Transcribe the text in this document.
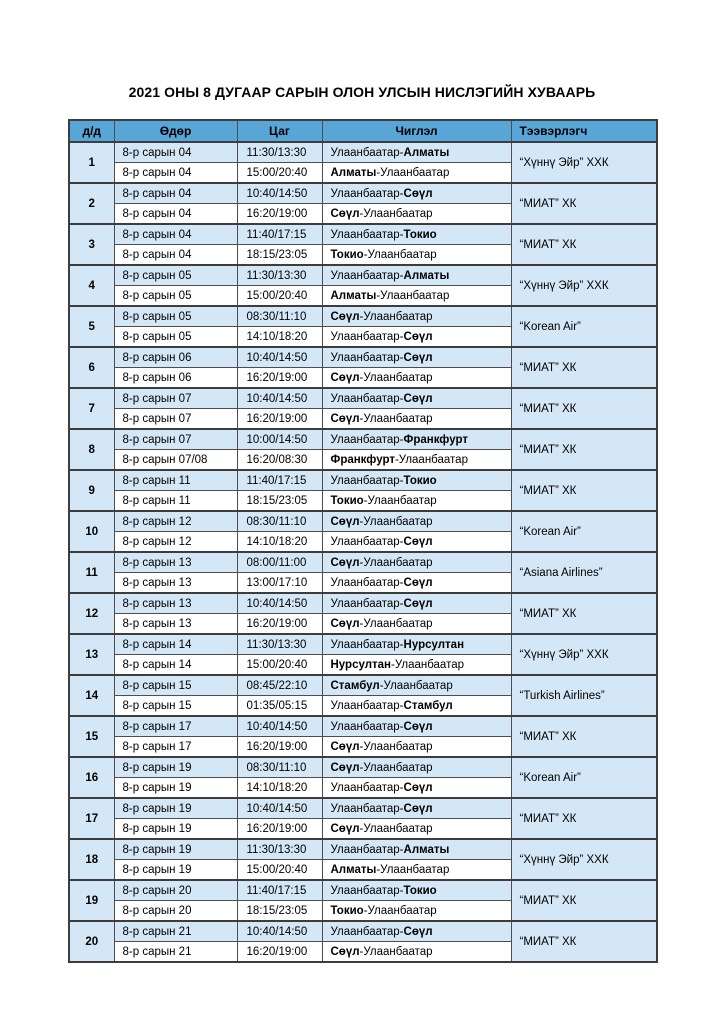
2021 ОНЫ 8 ДУГААР САРЫН ОЛОН УЛСЫН НИСЛЭГИЙН ХУВААРЬ
д/д	Өдөр	Цаг	Чиглэл	Тээвэрлэгч
1	8-р сарын 04	11:30/13:30	Улаанбаатар-Алматы	“Хүннү Эйр” ХХК
	8-р сарын 04	15:00/20:40	Алматы-Улаанбаатар	
2	8-р сарын 04	10:40/14:50	Улаанбаатар-Сөүл	“МИАТ” ХК
	8-р сарын 04	16:20/19:00	Сөүл-Улаанбаатар	
3	8-р сарын 04	11:40/17:15	Улаанбаатар-Токио	“МИАТ” ХК
	8-р сарын 04	18:15/23:05	Токио-Улаанбаатар	
4	8-р сарын 05	11:30/13:30	Улаанбаатар-Алматы	“Хүннү Эйр” ХХК
	8-р сарын 05	15:00/20:40	Алматы-Улаанбаатар	
5	8-р сарын 05	08:30/11:10	Сөүл-Улаанбаатар	“Korean Air”
	8-р сарын 05	14:10/18:20	Улаанбаатар-Сөүл	
6	8-р сарын 06	10:40/14:50	Улаанбаатар-Сөүл	“МИАТ” ХК
	8-р сарын 06	16:20/19:00	Сөүл-Улаанбаатар	
7	8-р сарын 07	10:40/14:50	Улаанбаатар-Сөүл	“МИАТ” ХК
	8-р сарын 07	16:20/19:00	Сөүл-Улаанбаатар	
8	8-р сарын 07	10:00/14:50	Улаанбаатар-Франкфурт	“МИАТ” ХК
	8-р сарын 07/08	16:20/08:30	Франкфурт-Улаанбаатар	
9	8-р сарын 11	11:40/17:15	Улаанбаатар-Токио	“МИАТ” ХК
	8-р сарын 11	18:15/23:05	Токио-Улаанбаатар	
10	8-р сарын 12	08:30/11:10	Сөүл-Улаанбаатар	“Korean Air”
	8-р сарын 12	14:10/18:20	Улаанбаатар-Сөүл	
11	8-р сарын 13	08:00/11:00	Сөүл-Улаанбаатар	“Asiana Airlines”
	8-р сарын 13	13:00/17:10	Улаанбаатар-Сөүл	
12	8-р сарын 13	10:40/14:50	Улаанбаатар-Сөүл	“МИАТ” ХК
	8-р сарын 13	16:20/19:00	Сөүл-Улаанбаатар	
13	8-р сарын 14	11:30/13:30	Улаанбаатар-Нурсултан	“Хүннү Эйр” ХХК
	8-р сарын 14	15:00/20:40	Нурсултан-Улаанбаатар	
14	8-р сарын 15	08:45/22:10	Стамбул-Улаанбаатар	“Turkish Airlines”
	8-р сарын 15	01:35/05:15	Улаанбаатар-Стамбул	
15	8-р сарын 17	10:40/14:50	Улаанбаатар-Сөүл	“МИАТ” ХК
	8-р сарын 17	16:20/19:00	Сөүл-Улаанбаатар	
16	8-р сарын 19	08:30/11:10	Сөүл-Улаанбаатар	“Korean Air”
	8-р сарын 19	14:10/18:20	Улаанбаатар-Сөүл	
17	8-р сарын 19	10:40/14:50	Улаанбаатар-Сөүл	“МИАТ” ХК
	8-р сарын 19	16:20/19:00	Сөүл-Улаанбаатар	
18	8-р сарын 19	11:30/13:30	Улаанбаатар-Алматы	“Хүннү Эйр” ХХК
	8-р сарын 19	15:00/20:40	Алматы-Улаанбаатар	
19	8-р сарын 20	11:40/17:15	Улаанбаатар-Токио	“МИАТ” ХК
	8-р сарын 20	18:15/23:05	Токио-Улаанбаатар	
20	8-р сарын 21	10:40/14:50	Улаанбаатар-Сөүл	“МИАТ” ХК
	8-р сарын 21	16:20/19:00	Сөүл-Улаанбаатар	
